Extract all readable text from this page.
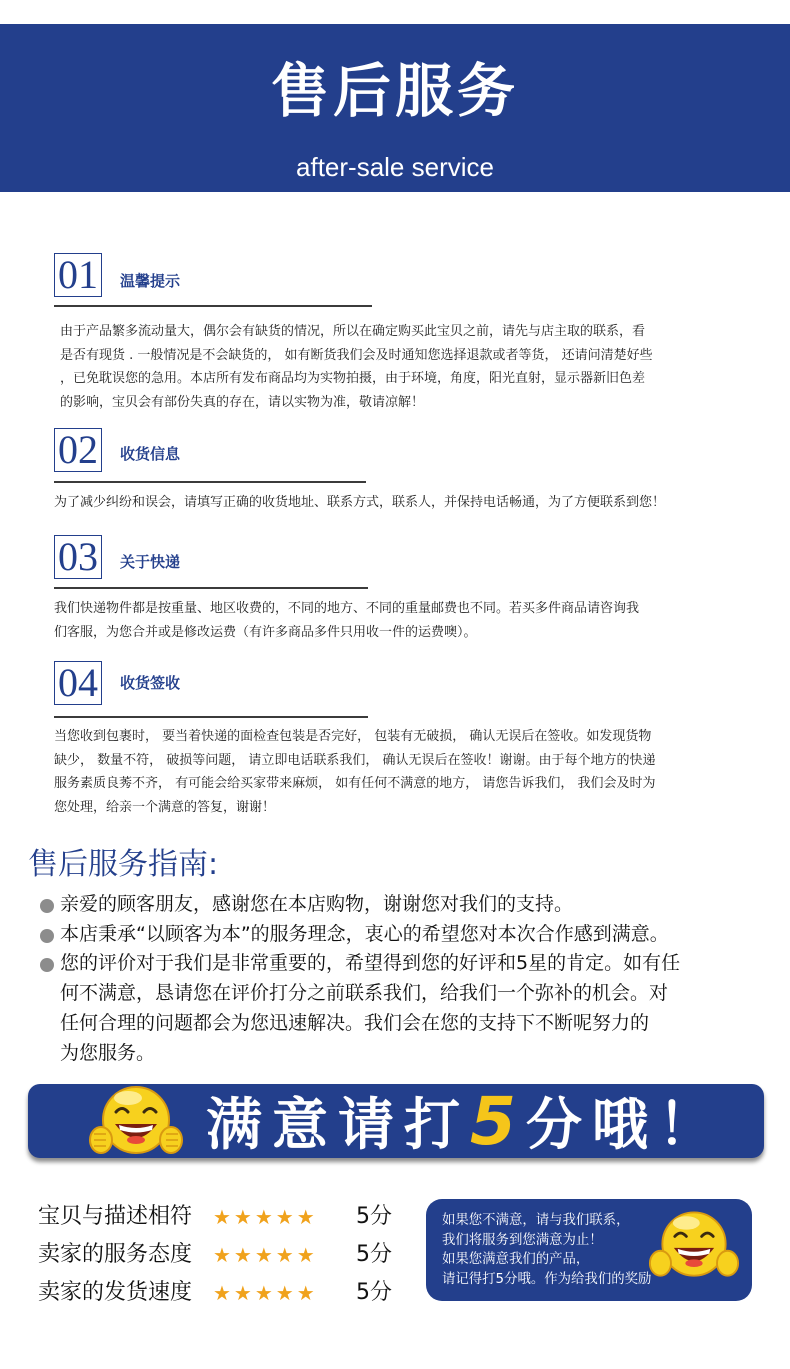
售后服务
after-sale service
01 温馨提示
由于产品繁多流动量大，偶尔会有缺货的情况，所以在确定购买此宝贝之前，请先与店主取的联系，看
是否有现货 . 一般情况是不会缺货的， 如有断货我们会及时通知您选择退款或者等货， 还请问清楚好些
，已免耽误您的急用。本店所有发布商品均为实物拍摄，由于环境，角度，阳光直射，显示器新旧色差
的影响，宝贝会有部份失真的存在，请以实物为准，敬请凉解！
02 收货信息
为了减少纠纷和误会，请填写正确的收货地址、联系方式，联系人，并保持电话畅通，为了方便联系到您！
03 关于快递
我们快递物件都是按重量、地区收费的，不同的地方、不同的重量邮费也不同。若买多件商品请咨询我
们客服，为您合并或是修改运费（有许多商品多件只用收一件的运费噢）。
04 收货签收
当您收到包裹时， 要当着快递的面检查包装是否完好， 包装有无破损， 确认无误后在签收。如发现货物
缺少， 数量不符， 破损等问题， 请立即电话联系我们， 确认无误后在签收！谢谢。由于每个地方的快递
服务素质良莠不齐， 有可能会给买家带来麻烦， 如有任何不满意的地方， 请您告诉我们， 我们会及时为
您处理，给亲一个满意的答复，谢谢！
售后服务指南:
亲爱的顾客朋友，感谢您在本店购物，谢谢您对我们的支持。
本店秉承“以顾客为本”的服务理念，衷心的希望您对本次合作感到满意。
您的评价对于我们是非常重要的，希望得到您的好评和5星的肯定。如有任
何不满意，恳请您在评价打分之前联系我们，给我们一个弥补的机会。对
任何合理的问题都会为您迅速解决。我们会在您的支持下不断呢努力的
为您服务。
满意请打5分哦！
宝贝与描述相符 ★★★★★ 5分
卖家的服务态度 ★★★★★ 5分
卖家的发货速度 ★★★★★ 5分
如果您不满意，请与我们联系，
我们将服务到您满意为止！
如果您满意我们的产品，
请记得打5分哦。作为给我们的奖励
